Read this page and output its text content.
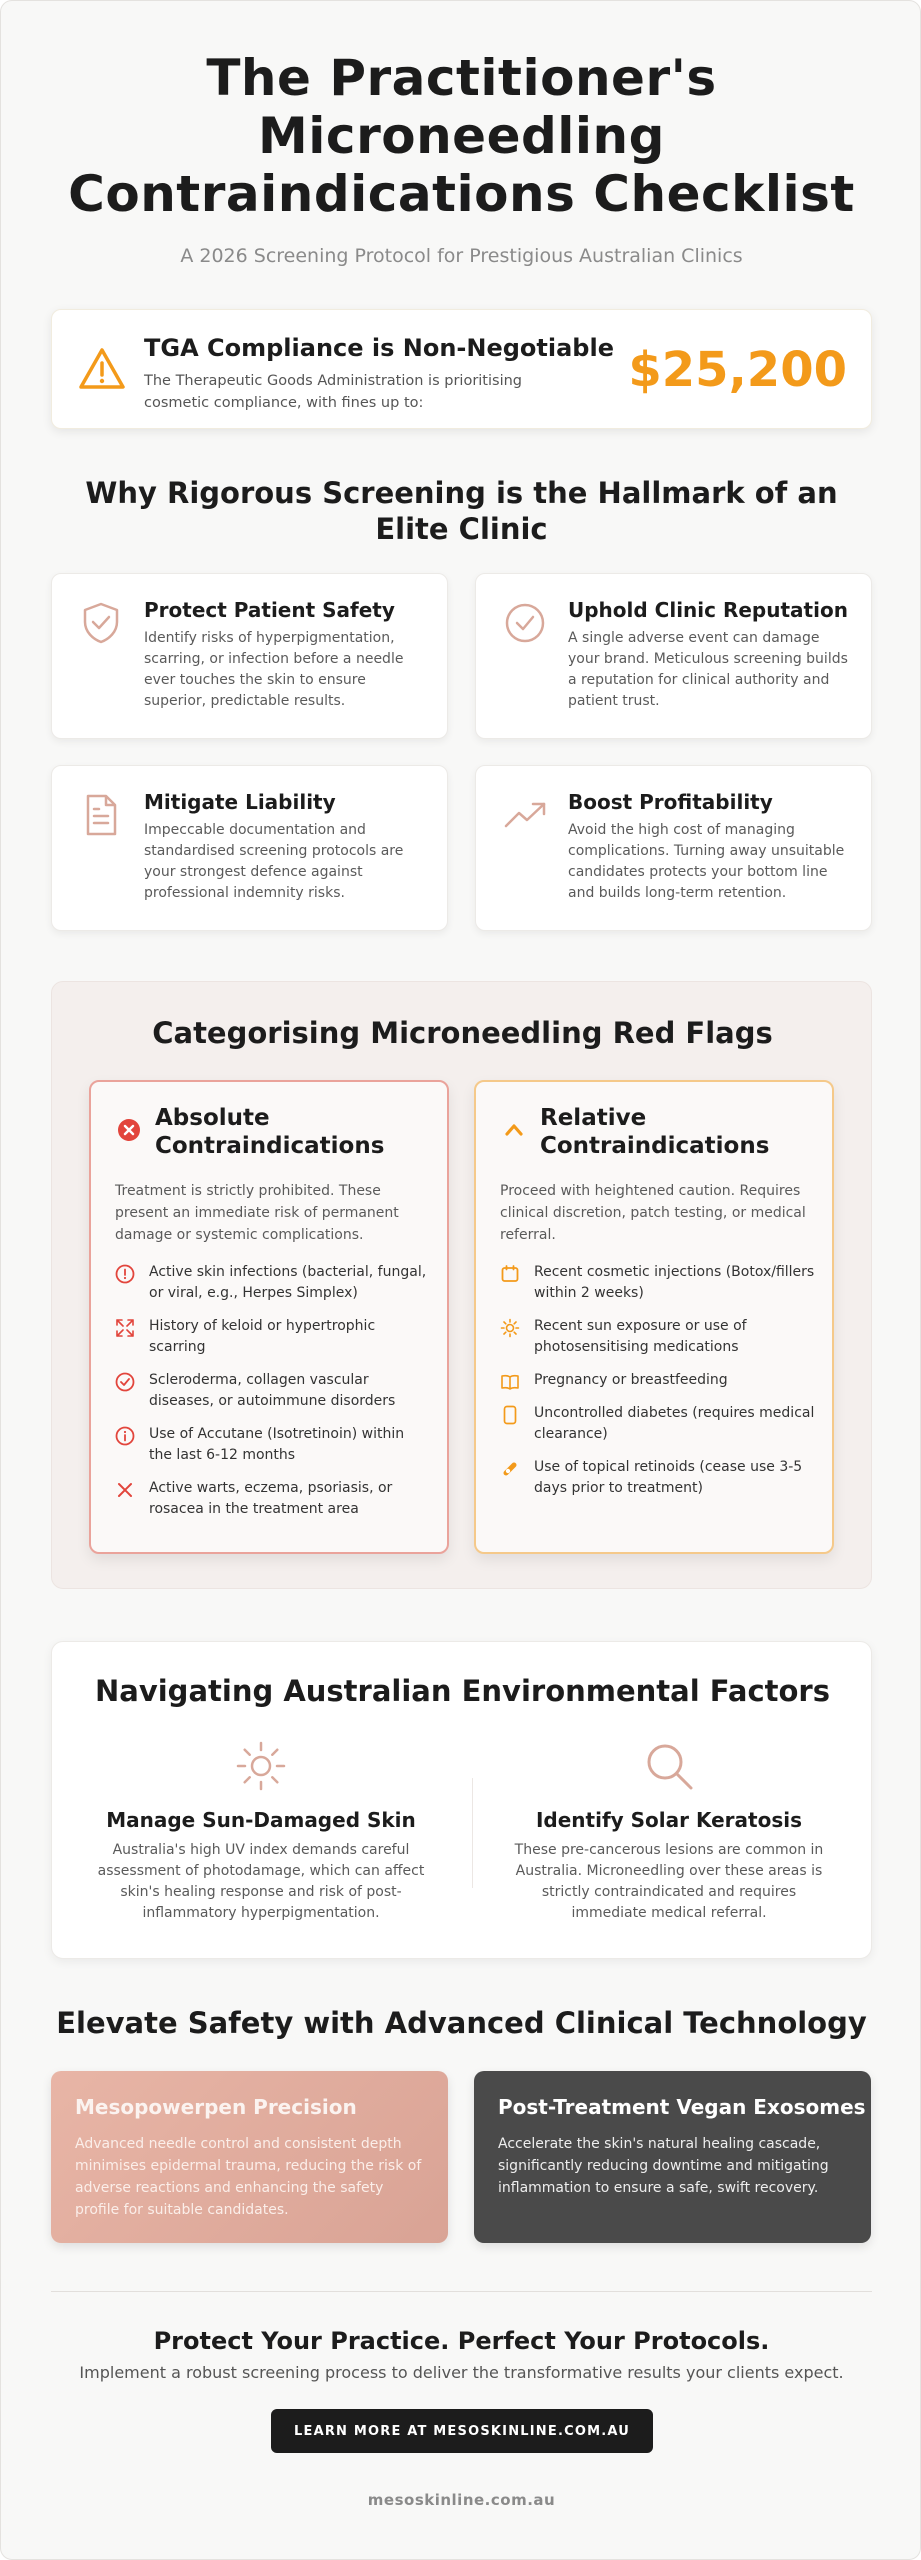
The Practitioner's Microneedling Contraindications Checklist
A 2026 Screening Protocol for Prestigious Australian Clinics
TGA Compliance is Non-Negotiable

The Therapeutic Goods Administration is prioritising cosmetic compliance, with fines up to:

$25,200
Why Rigorous Screening is the Hallmark of an Elite Clinic
Protect Patient Safety

Identify risks of hyperpigmentation, scarring, or infection before a needle ever touches the skin to ensure superior, predictable results.

Uphold Clinic Reputation

A single adverse event can damage your brand. Meticulous screening builds a reputation for clinical authority and patient trust.

Mitigate Liability

Impeccable documentation and standardised screening protocols are your strongest defence against professional indemnity risks.

Boost Profitability

Avoid the high cost of managing complications. Turning away unsuitable candidates protects your bottom line and builds long-term retention.

Categorising Microneedling Red Flags
Absolute Contraindications
Treatment is strictly prohibited. These present an immediate risk of permanent damage or systemic complications.
Active skin infections (bacterial, fungal, or viral, e.g., Herpes Simplex)
History of keloid or hypertrophic scarring
Scleroderma, collagen vascular diseases, or autoimmune disorders
Use of Accutane (Isotretinoin) within the last 6-12 months
Active warts, eczema, psoriasis, or rosacea in the treatment area
Relative Contraindications
Proceed with heightened caution. Requires clinical discretion, patch testing, or medical referral.
Recent cosmetic injections (Botox/fillers within 2 weeks)
Recent sun exposure or use of photosensitising medications
Pregnancy or breastfeeding
Uncontrolled diabetes (requires medical clearance)
Use of topical retinoids (cease use 3-5 days prior to treatment)
Navigating Australian Environmental Factors
Manage Sun-Damaged Skin

Australia's high UV index demands careful assessment of photodamage, which can affect skin's healing response and risk of post-inflammatory hyperpigmentation.

Identify Solar Keratosis

These pre-cancerous lesions are common in Australia. Microneedling over these areas is strictly contraindicated and requires immediate medical referral.

Elevate Safety with Advanced Clinical Technology
Mesopowerpen Precision

Advanced needle control and consistent depth minimises epidermal trauma, reducing the risk of adverse reactions and enhancing the safety profile for suitable candidates.

Post-Treatment Vegan Exosomes

Accelerate the skin's natural healing cascade, significantly reducing downtime and mitigating inflammation to ensure a safe, swift recovery.

Protect Your Practice. Perfect Your Protocols.
Implement a robust screening process to deliver the transformative results your clients expect.
LEARN MORE AT MESOSKINLINE.COM.AU
mesoskinline.com.au
